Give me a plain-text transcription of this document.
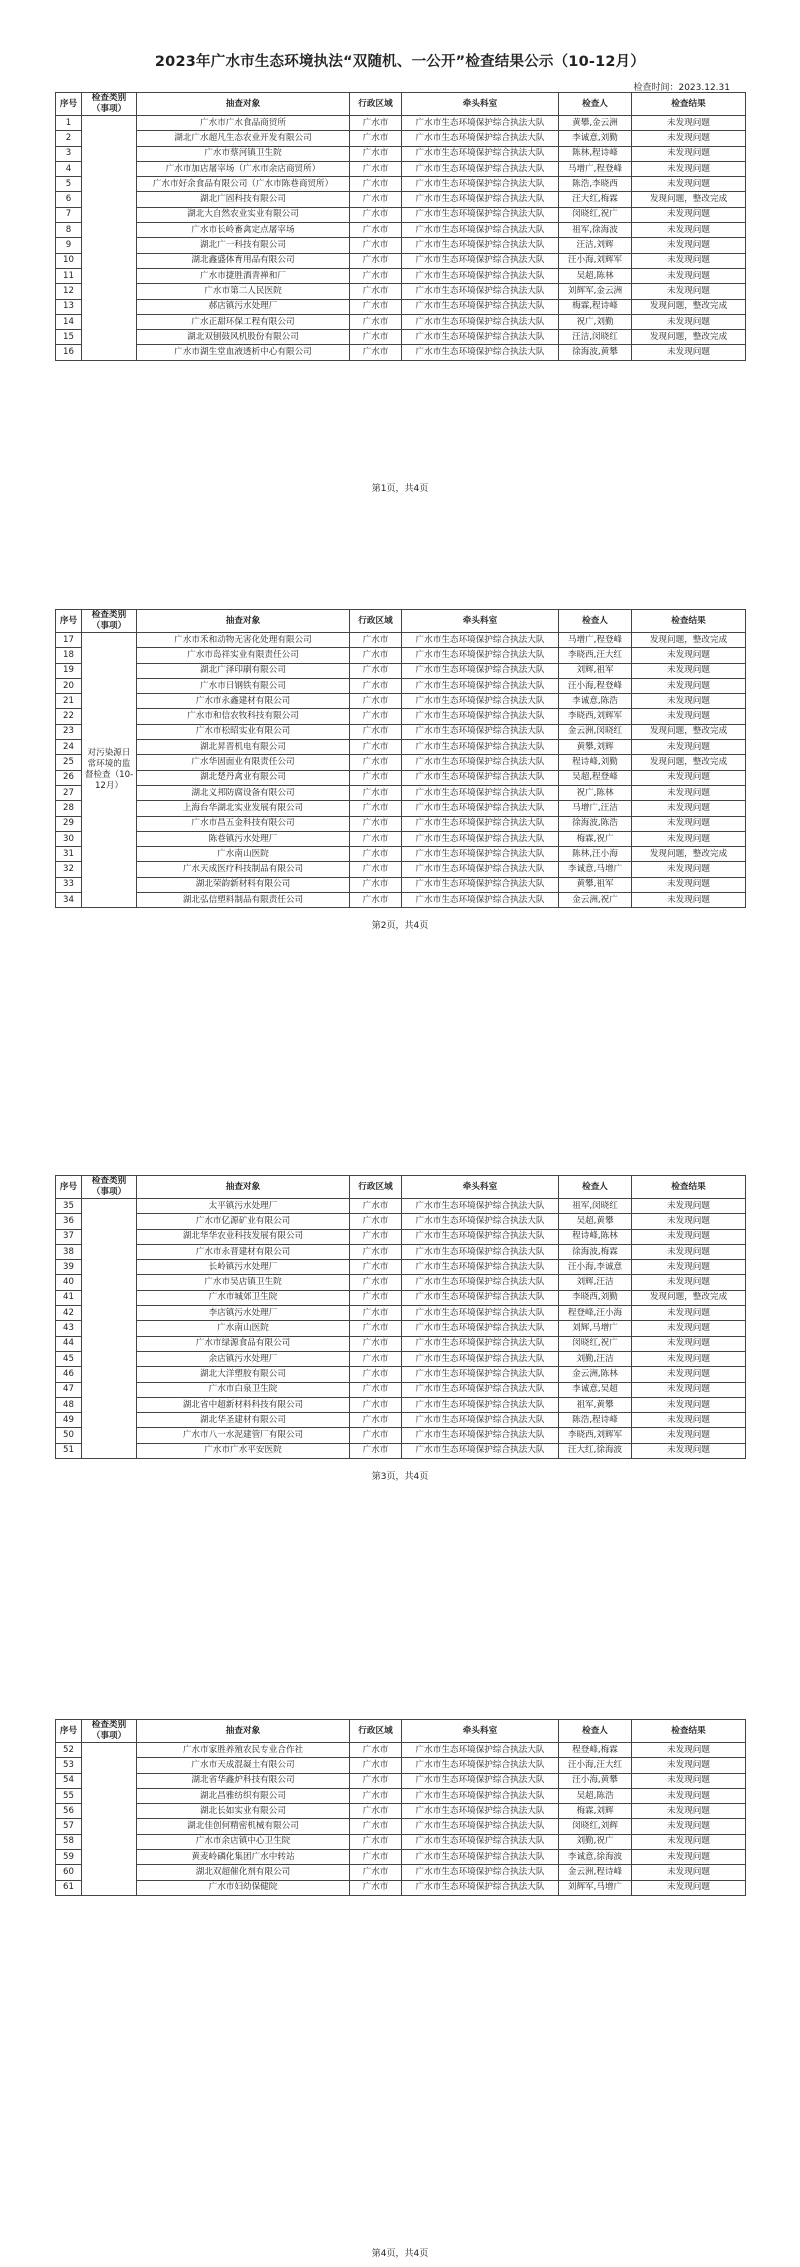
2023年广水市生态环境执法“双随机、一公开”检查结果公示（10-12月）
检查时间：2023.12.31
序号	检查类别（事项）	抽查对象	行政区域	牵头科室	检查人	检查结果
1		广水市广水食品商贸所	广水市	广水市生态环境保护综合执法大队	黄攀,金云洲	未发现问题
2		湖北广水超凡生态农业开发有限公司	广水市	广水市生态环境保护综合执法大队	李诚意,刘勤	未发现问题
3		广水市蔡河镇卫生院	广水市	广水市生态环境保护综合执法大队	陈林,程诗峰	未发现问题
4		广水市加店屠宰场（广水市余店商贸所）	广水市	广水市生态环境保护综合执法大队	马增广,程登峰	未发现问题
5		广水市好余食品有限公司（广水市陈巷商贸所）	广水市	广水市生态环境保护综合执法大队	陈浩,李晓西	未发现问题
6		湖北广固科技有限公司	广水市	广水市生态环境保护综合执法大队	汪大红,梅霖	发现问题，整改完成
7		湖北大自然农业实业有限公司	广水市	广水市生态环境保护综合执法大队	闵晓红,祝广	未发现问题
8		广水市长岭畜禽定点屠宰场	广水市	广水市生态环境保护综合执法大队	祖军,徐海波	未发现问题
9		湖北广一科技有限公司	广水市	广水市生态环境保护综合执法大队	汪洁,刘辉	未发现问题
10		湖北鑫盛体育用品有限公司	广水市	广水市生态环境保护综合执法大队	汪小海,刘辉军	未发现问题
11		广水市捷胜酒青禅和厂	广水市	广水市生态环境保护综合执法大队	吴超,陈林	未发现问题
12		广水市第二人民医院	广水市	广水市生态环境保护综合执法大队	刘辉军,金云洲	未发现问题
13		郝店镇污水处理厂	广水市	广水市生态环境保护综合执法大队	梅霖,程诗峰	发现问题，整改完成
14		广水正甜环保工程有限公司	广水市	广水市生态环境保护综合执法大队	祝广,刘勤	未发现问题
15		湖北双刨鼓风机股份有限公司	广水市	广水市生态环境保护综合执法大队	汪洁,闵晓红	发现问题，整改完成
16		广水市湖生堂血液透析中心有限公司	广水市	广水市生态环境保护综合执法大队	徐海波,黄攀	未发现问题
第1页，共4页
序号	检查类别（事项）	抽查对象	行政区域	牵头科室	检查人	检查结果
17	对污染源日常环境的监督检查（10-12月）	广水市禾和动物无害化处理有限公司	广水市	广水市生态环境保护综合执法大队	马增广,程登峰	发现问题，整改完成
18		广水市岛祥实业有限责任公司	广水市	广水市生态环境保护综合执法大队	李晓西,汪大红	未发现问题
19		湖北广泽印刷有限公司	广水市	广水市生态环境保护综合执法大队	刘辉,祖军	未发现问题
20		广水市日钢铁有限公司	广水市	广水市生态环境保护综合执法大队	汪小海,程登峰	未发现问题
21		广水市永鑫建材有限公司	广水市	广水市生态环境保护综合执法大队	李诚意,陈浩	未发现问题
22		广水市和信农牧科技有限公司	广水市	广水市生态环境保护综合执法大队	李晓西,刘辉军	未发现问题
23		广水市松昭实业有限公司	广水市	广水市生态环境保护综合执法大队	金云洲,闵晓红	发现问题，整改完成
24		湖北昇晋机电有限公司	广水市	广水市生态环境保护综合执法大队	黄攀,刘辉	未发现问题
25		广水华固面业有限责任公司	广水市	广水市生态环境保护综合执法大队	程诗峰,刘勤	发现问题，整改完成
26		湖北楚丹禽业有限公司	广水市	广水市生态环境保护综合执法大队	吴超,程登峰	未发现问题
27		湖北义邦防腐设备有限公司	广水市	广水市生态环境保护综合执法大队	祝广,陈林	未发现问题
28		上海台华湖北实业发展有限公司	广水市	广水市生态环境保护综合执法大队	马增广,汪洁	未发现问题
29		广水市昌五金科技有限公司	广水市	广水市生态环境保护综合执法大队	徐海波,陈浩	未发现问题
30		陈巷镇污水处理厂	广水市	广水市生态环境保护综合执法大队	梅霖,祝广	未发现问题
31		广水南山医院	广水市	广水市生态环境保护综合执法大队	陈林,汪小海	发现问题，整改完成
32		广水天成医疗科技制品有限公司	广水市	广水市生态环境保护综合执法大队	李诚意,马增广	未发现问题
33		湖北荣韵新材料有限公司	广水市	广水市生态环境保护综合执法大队	黄攀,祖军	未发现问题
34		湖北弘信塑料制品有限责任公司	广水市	广水市生态环境保护综合执法大队	金云洲,祝广	未发现问题
第2页，共4页
序号	检查类别（事项）	抽查对象	行政区域	牵头科室	检查人	检查结果
35		太平镇污水处理厂	广水市	广水市生态环境保护综合执法大队	祖军,闵晓红	未发现问题
36		广水市亿源矿业有限公司	广水市	广水市生态环境保护综合执法大队	吴超,黄攀	未发现问题
37		湖北华华农业科技发展有限公司	广水市	广水市生态环境保护综合执法大队	程诗峰,陈林	未发现问题
38		广水市永晋建材有限公司	广水市	广水市生态环境保护综合执法大队	徐海波,梅霖	未发现问题
39		长岭镇污水处理厂	广水市	广水市生态环境保护综合执法大队	汪小海,李诚意	未发现问题
40		广水市吴店镇卫生院	广水市	广水市生态环境保护综合执法大队	刘辉,汪洁	未发现问题
41		广水市城郊卫生院	广水市	广水市生态环境保护综合执法大队	李晓西,刘勤	发现问题，整改完成
42		李店镇污水处理厂	广水市	广水市生态环境保护综合执法大队	程登峰,汪小海	未发现问题
43		广水南山医院	广水市	广水市生态环境保护综合执法大队	刘辉,马增广	未发现问题
44		广水市绿源食品有限公司	广水市	广水市生态环境保护综合执法大队	闵晓红,祝广	未发现问题
45		余店镇污水处理厂	广水市	广水市生态环境保护综合执法大队	刘勤,汪洁	未发现问题
46		湖北大洋塑胶有限公司	广水市	广水市生态环境保护综合执法大队	金云洲,陈林	未发现问题
47		广水市白泉卫生院	广水市	广水市生态环境保护综合执法大队	李诚意,吴超	未发现问题
48		湖北省中超新材料科技有限公司	广水市	广水市生态环境保护综合执法大队	祖军,黄攀	未发现问题
49		湖北华圣建材有限公司	广水市	广水市生态环境保护综合执法大队	陈浩,程诗峰	未发现问题
50		广水市八一水泥建管厂有限公司	广水市	广水市生态环境保护综合执法大队	李晓西,刘辉军	未发现问题
51		广水市广水平安医院	广水市	广水市生态环境保护综合执法大队	汪大红,徐海波	未发现问题
第3页，共4页
序号	检查类别（事项）	抽查对象	行政区域	牵头科室	检查人	检查结果
52		广水市家胜养殖农民专业合作社	广水市	广水市生态环境保护综合执法大队	程登峰,梅霖	未发现问题
53		广水市天成混凝土有限公司	广水市	广水市生态环境保护综合执法大队	汪小海,汪大红	未发现问题
54		湖北省华鑫炉科技有限公司	广水市	广水市生态环境保护综合执法大队	汪小海,黄攀	未发现问题
55		湖北昌雅纺织有限公司	广水市	广水市生态环境保护综合执法大队	吴超,陈浩	未发现问题
56		湖北长如实业有限公司	广水市	广水市生态环境保护综合执法大队	梅霖,刘辉	未发现问题
57		湖北佳创何精密机械有限公司	广水市	广水市生态环境保护综合执法大队	闵晓红,刘辉	未发现问题
58		广水市余店镇中心卫生院	广水市	广水市生态环境保护综合执法大队	刘勤,祝广	未发现问题
59		黄麦岭磷化集团广水中转站	广水市	广水市生态环境保护综合执法大队	李诚意,徐海波	未发现问题
60		湖北双超催化剂有限公司	广水市	广水市生态环境保护综合执法大队	金云洲,程诗峰	未发现问题
61		广水市妇幼保健院	广水市	广水市生态环境保护综合执法大队	刘辉军,马增广	未发现问题
第4页，共4页
